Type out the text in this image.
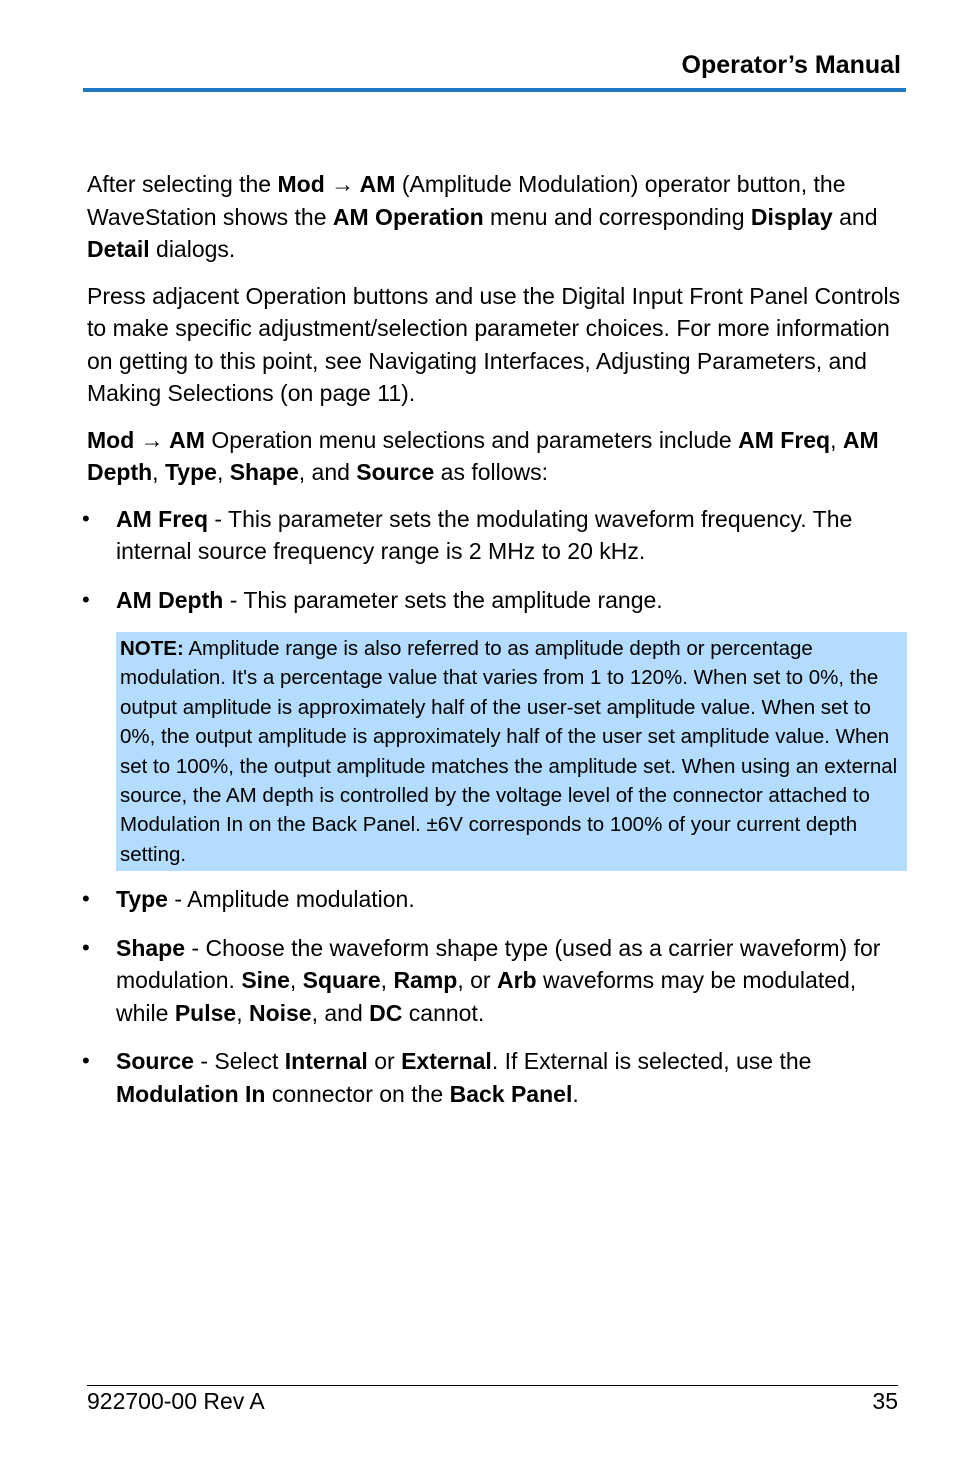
Operator’s Manual

After selecting the Mod → AM (Amplitude Modulation) operator button, the WaveStation shows the AM Operation menu and corresponding Display and Detail dialogs.

Press adjacent Operation buttons and use the Digital Input Front Panel Controls to make specific adjustment/selection parameter choices. For more information on getting to this point, see Navigating Interfaces, Adjusting Parameters, and Making Selections (on page 11).

Mod → AM Operation menu selections and parameters include AM Freq, AM Depth, Type, Shape, and Source as follows:

• AM Freq - This parameter sets the modulating waveform frequency. The internal source frequency range is 2 MHz to 20 kHz.
• AM Depth - This parameter sets the amplitude range.
NOTE: Amplitude range is also referred to as amplitude depth or percentage modulation. It's a percentage value that varies from 1 to 120%. When set to 0%, the output amplitude is approximately half of the user-set amplitude value. When set to 0%, the output amplitude is approximately half of the user set amplitude value. When set to 100%, the output amplitude matches the amplitude set. When using an external source, the AM depth is controlled by the voltage level of the connector attached to Modulation In on the Back Panel. ±6V corresponds to 100% of your current depth setting.
• Type - Amplitude modulation.
• Shape - Choose the waveform shape type (used as a carrier waveform) for modulation. Sine, Square, Ramp, or Arb waveforms may be modulated, while Pulse, Noise, and DC cannot.
• Source - Select Internal or External. If External is selected, use the Modulation In connector on the Back Panel.
922700-00 Rev A	35
